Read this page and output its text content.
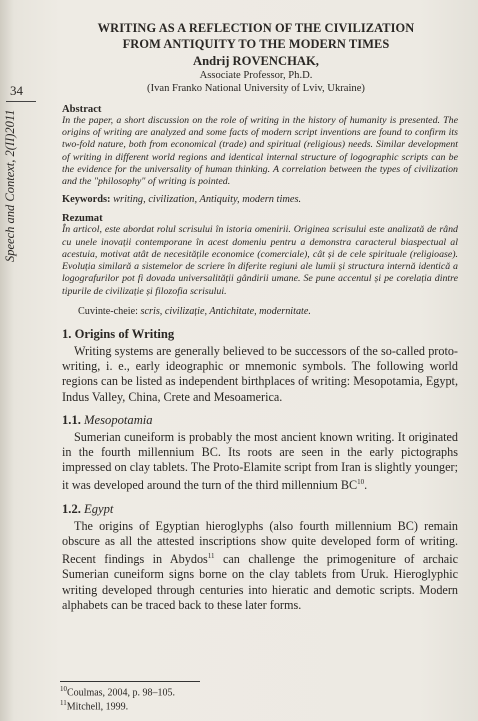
34
Speech and Context, 2(II)2011
WRITING AS A REFLECTION OF THE CIVILIZATION
FROM ANTIQUITY TO THE MODERN TIMES
Andrij ROVENCHAK,
Associate Professor, Ph.D.
(Ivan Franko National University of Lviv, Ukraine)
Abstract
In the paper, a short discussion on the role of writing in the history of humanity is presented. The origins of writing are analyzed and some facts of modern script inventions are found to confirm its two-fold nature, both from economical (trade) and spiritual (religious) needs. Similar development of writing in different world regions and identical internal structure of logographic scripts can be the evidence for the universality of human thinking. A correlation between the types of civilization and the "philosophy" of writing is pointed.
Keywords: writing, civilization, Antiquity, modern times.
Rezumat
În articol, este abordat rolul scrisului în istoria omenirii. Originea scrisului este analizată de rând cu unele inovații contemporane în acest domeniu pentru a demonstra caracterul biaspectual al acestuia, motivat atât de necesitățile economice (comerciale), cât și de cele spirituale (religioase). Evoluția similară a sistemelor de scriere în diferite regiuni ale lumii și structura internă identică a logografurilor pot fi dovada universalității gândirii umane. Se pune accentul și pe corelația dintre tipurile de civilizație și filozofia scrisului.
Cuvinte-cheie: scris, civilizație, Antichitate, modernitate.
1. Origins of Writing
Writing systems are generally believed to be successors of the so-called proto-writing, i. e., early ideographic or mnemonic symbols. The following world regions can be listed as independent birthplaces of writing: Mesopotamia, Egypt, Indus Valley, China, Crete and Mesoamerica.
1.1. Mesopotamia
Sumerian cuneiform is probably the most ancient known writing. It originated in the fourth millennium BC. Its roots are seen in the early pictographs impressed on clay tablets. The Proto-Elamite script from Iran is slightly younger; it was developed around the turn of the third millennium BC$^{10}$.
1.2. Egypt
The origins of Egyptian hieroglyphs (also fourth millennium BC) remain obscure as all the attested inscriptions show quite developed form of writing. Recent findings in Abydos$^{11}$ can challenge the primogeniture of archaic Sumerian cuneiform signs borne on the clay tablets from Uruk. Hieroglyphic writing developed through centuries into hieratic and demotic scripts. Modern alphabets can be traced back to these later forms.
$^{10}$Coulmas, 2004, p. 98–105.
$^{11}$Mitchell, 1999.
